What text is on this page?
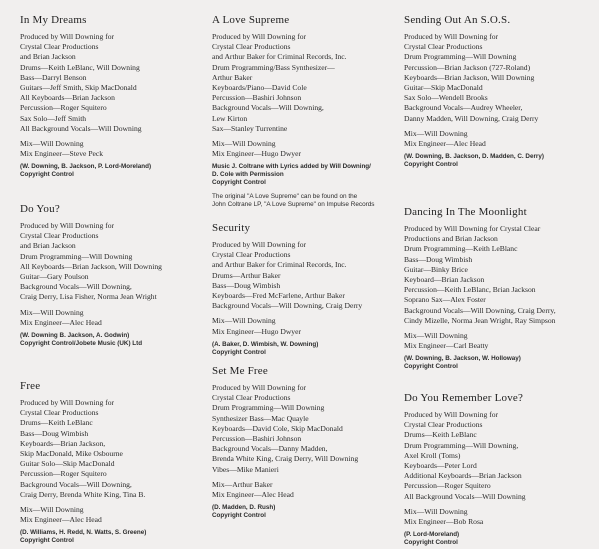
In My Dreams
Produced by Will Downing for
Crystal Clear Productions
and Brian Jackson
Drums—Keith LeBlanc, Will Downing
Bass—Darryl Benson
Guitars—Jeff Smith, Skip MacDonald
All Keyboards—Brian Jackson
Percussion—Roger Squitero
Sax Solo—Jeff Smith
All Background Vocals—Will Downing
Mix—Will Downing
Mix Engineer—Steve Peck
(W. Downing, B. Jackson, P. Lord-Moreland)
Copyright Control
Do You?
Produced by Will Downing for
Crystal Clear Productions
and Brian Jackson
Drum Programming—Will Downing
All Keyboards—Brian Jackson, Will Downing
Guitar—Gary Poulson
Background Vocals—Will Downing,
Craig Derry, Lisa Fisher, Norma Jean Wright
Mix—Will Downing
Mix Engineer—Alec Head
(W. Downing B. Jackson, A. Godwin)
Copyright Control/Jobete Music (UK) Ltd
Free
Produced by Will Downing for
Crystal Clear Productions
Drums—Keith LeBlanc
Bass—Doug Wimbish
Keyboards—Brian Jackson,
Skip MacDonald, Mike Osbourne
Guitar Solo—Skip MacDonald
Percussion—Roger Squitero
Background Vocals—Will Downing,
Craig Derry, Brenda White King, Tina B.
Mix—Will Downing
Mix Engineer—Alec Head
(D. Williams, H. Redd, N. Watts, S. Greene)
Copyright Control
A Love Supreme
Produced by Will Downing for
Crystal Clear Productions
and Arthur Baker for Criminal Records, Inc.
Drum Programming/Bass Synthesizer—
Arthur Baker
Keyboards/Piano—David Cole
Percussion—Bashiri Johnson
Background Vocals—Will Downing,
Lew Kirton
Sax—Stanley Turrentine
Mix—Will Downing
Mix Engineer—Hugo Dwyer
Music J. Coltrane with Lyrics added by Will Downing/
D. Cole with Permission
Copyright Control
The original "A Love Supreme" can be found on the
John Coltrane LP, "A Love Supreme" on Impulse Records
Security
Produced by Will Downing for
Crystal Clear Productions
and Arthur Baker for Criminal Records, Inc.
Drums—Arthur Baker
Bass—Doug Wimbish
Keyboards—Fred McFarlene, Arthur Baker
Background Vocals—Will Downing, Craig Derry
Mix—Will Downing
Mix Engineer—Hugo Dwyer
(A. Baker, D. Wimbish, W. Downing)
Copyright Control
Set Me Free
Produced by Will Downing for
Crystal Clear Productions
Drum Programming—Will Downing
Synthesizer Bass—Mac Quayle
Keyboards—David Cole, Skip MacDonald
Percussion—Bashiri Johnson
Background Vocals—Danny Madden,
Brenda White King, Craig Derry, Will Downing
Vibes—Mike Manieri
Mix—Arthur Baker
Mix Engineer—Alec Head
(D. Madden, D. Rush)
Copyright Control
Sending Out An S.O.S.
Produced by Will Downing for
Crystal Clear Productions
Drum Programming—Will Downing
Percussion—Brian Jackson (727-Roland)
Keyboards—Brian Jackson, Will Downing
Guitar—Skip MacDonald
Sax Solo—Wendell Brooks
Background Vocals—Audrey Wheeler,
Danny Madden, Will Downing, Craig Derry
Mix—Will Downing
Mix Engineer—Alec Head
(W. Downing, B. Jackson, D. Madden, C. Derry)
Copyright Control
Dancing In The Moonlight
Produced by Will Downing for Crystal Clear
Productions and Brian Jackson
Drum Programming—Keith LeBlanc
Bass—Doug Wimbish
Guitar—Binky Brice
Keyboard—Brian Jackson
Percussion—Keith LeBlanc, Brian Jackson
Soprano Sax—Alex Foster
Background Vocals—Will Downing, Craig Derry,
Cindy Mizelle, Norma Jean Wright, Ray Simpson
Mix—Will Downing
Mix Engineer—Carl Beatty
(W. Downing, B. Jackson, W. Holloway)
Copyright Control
Do You Remember Love?
Produced by Will Downing for
Crystal Clear Productions
Drums—Keith LeBlanc
Drum Programming—Will Downing,
Axel Kroll (Toms)
Keyboards—Peter Lord
Additional Keyboards—Brian Jackson
Percussion—Roger Squitero
All Background Vocals—Will Downing
Mix—Will Downing
Mix Engineer—Bob Rosa
(P. Lord-Moreland)
Copyright Control
